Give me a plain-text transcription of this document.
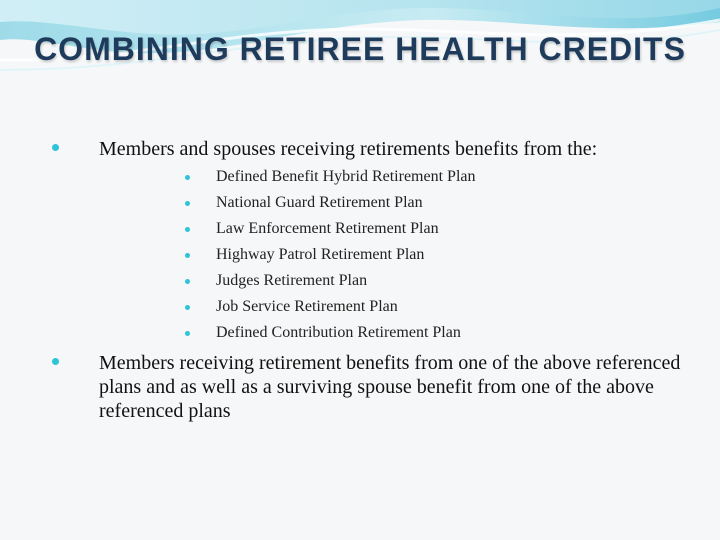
COMBINING RETIREE HEALTH CREDITS
Members and spouses receiving retirements benefits from the:
Defined Benefit Hybrid Retirement Plan
National Guard Retirement Plan
Law Enforcement Retirement Plan
Highway Patrol Retirement Plan
Judges Retirement Plan
Job Service Retirement Plan
Defined Contribution Retirement Plan
Members receiving retirement benefits from one of the above referenced plans and as well as a surviving spouse benefit from one of the above referenced plans
